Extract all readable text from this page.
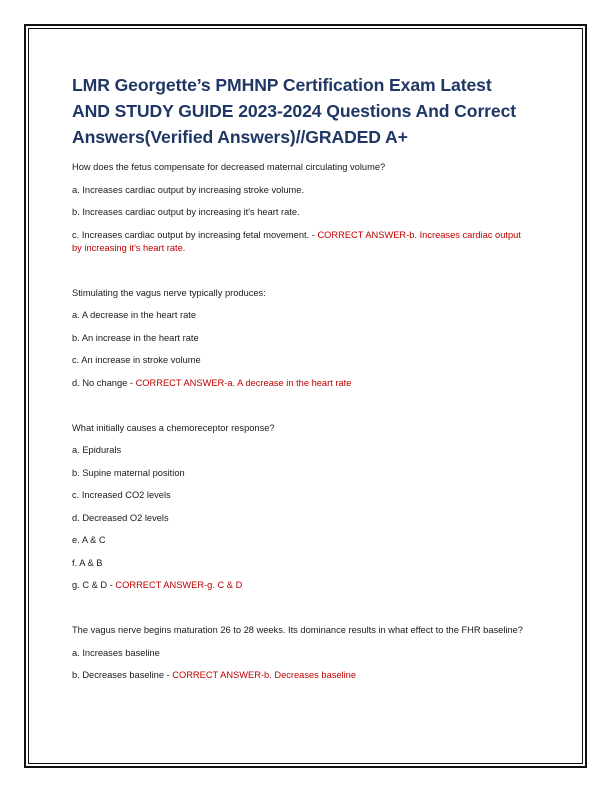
LMR Georgette’s PMHNP Certification Exam Latest AND STUDY GUIDE 2023-2024 Questions And Correct Answers(Verified Answers)//GRADED A+

How does the fetus compensate for decreased maternal circulating volume?

a. Increases cardiac output by increasing stroke volume.

b. Increases cardiac output by increasing it's heart rate.

c. Increases cardiac output by increasing fetal movement. - CORRECT ANSWER-b. Increases cardiac output by increasing it's heart rate.

Stimulating the vagus nerve typically produces:

a. A decrease in the heart rate

b. An increase in the heart rate

c. An increase in stroke volume

d. No change - CORRECT ANSWER-a. A decrease in the heart rate

What initially causes a chemoreceptor response?

a. Epidurals

b. Supine maternal position

c. Increased CO2 levels

d. Decreased O2 levels

e. A & C

f. A & B

g. C & D - CORRECT ANSWER-g. C & D

The vagus nerve begins maturation 26 to 28 weeks. Its dominance results in what effect to the FHR baseline?

a. Increases baseline

b. Decreases baseline - CORRECT ANSWER-b. Decreases baseline
